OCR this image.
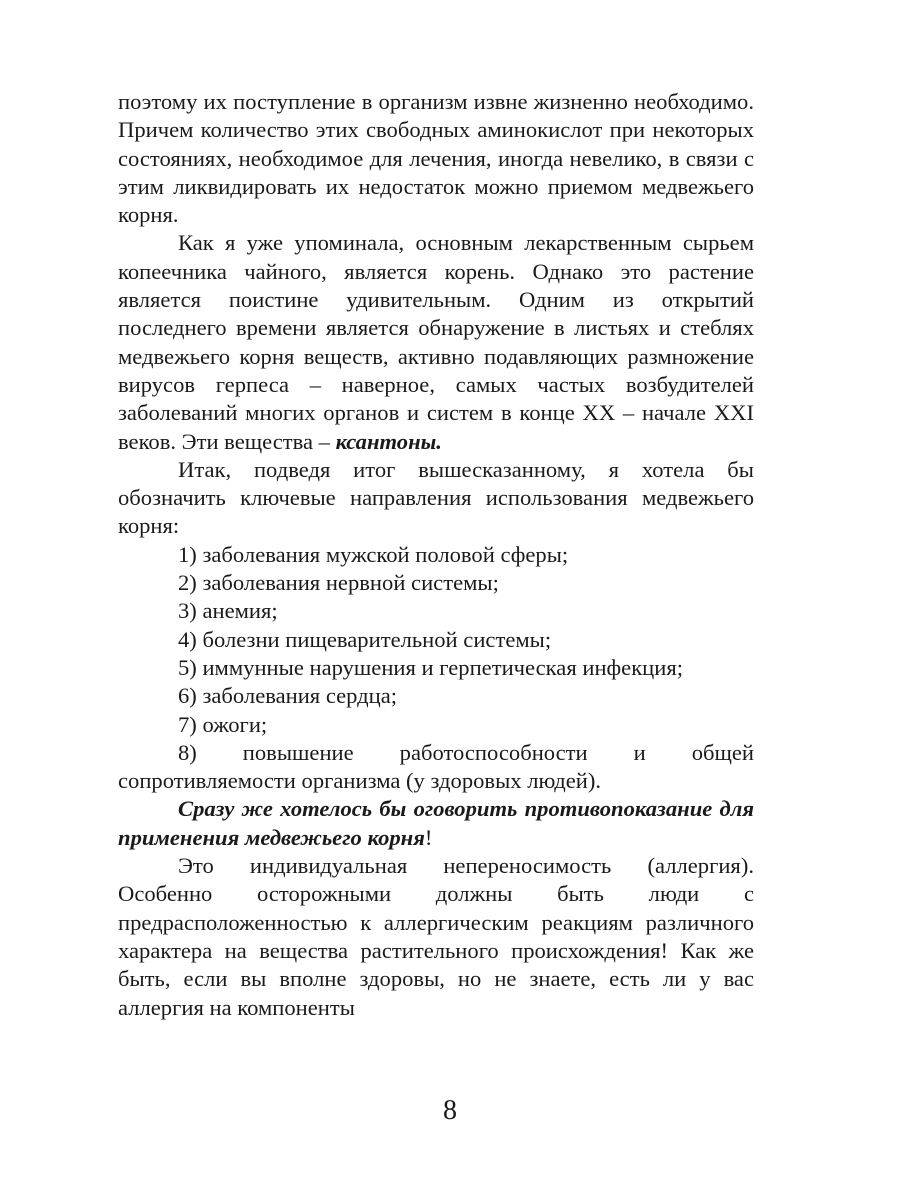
поэтому их поступление в организм извне жизненно необходимо. Причем количество этих свободных аминокислот при некоторых состояниях, необходимое для лечения, иногда невелико, в связи с этим ликвидировать их недостаток можно приемом медвежьего корня.

Как я уже упоминала, основным лекарственным сырьем копеечника чайного, является корень. Однако это растение является поистине удивительным. Одним из открытий последнего времени является обнаружение в листьях и стеблях медвежьего корня веществ, активно подавляющих размножение вирусов герпеса – наверное, самых частых возбудителей заболеваний многих органов и систем в конце XX – начале XXI веков. Эти вещества – ксантоны.

Итак, подведя итог вышесказанному, я хотела бы обозначить ключевые направления использования медвежьего корня:

1) заболевания мужской половой сферы;

2) заболевания нервной системы;

3) анемия;

4) болезни пищеварительной системы;

5) иммунные нарушения и герпетическая инфекция;

6) заболевания сердца;

7) ожоги;

8) повышение работоспособности и общей сопротивляемости организма (у здоровых людей).

Сразу же хотелось бы оговорить противопоказание для применения медвежьего корня!

Это индивидуальная непереносимость (аллергия). Особенно осторожными должны быть люди с предрасположенностью к аллергическим реакциям различного характера на вещества растительного происхождения! Как же быть, если вы вполне здоровы, но не знаете, есть ли у вас аллергия на компоненты

8
